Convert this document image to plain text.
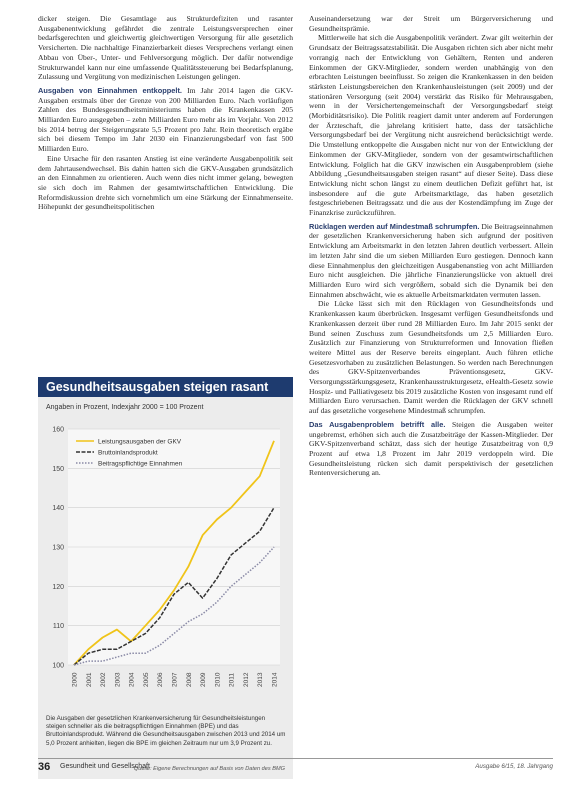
dicker steigen. Die Gesamtlage aus Strukturdefiziten und rasanter Ausgabenentwicklung gefährdet die zentrale Leistungsversprechen einer bedarfsgerechten und gleichwertig gleichwertigen Versorgung für alle gesetzlich Versicherten. Die nachhaltige Finanzierbarkeit dieses Versprechens verlangt einen Abbau von Über-, Unter- und Fehlversorgung möglich. Der dafür notwendige Strukturwandel kann nur eine umfassende Qualitätssteuerung bei Bedarfsplanung, Zulassung und Vergütung von medizinischen Leistungen gelingen.

Ausgaben von Einnahmen entkoppelt. Im Jahr 2014 lagen die GKV-Ausgaben erstmals über der Grenze von 200 Milliarden Euro. Nach vorläufigen Zahlen des Bundesgesundheitsministeriums haben die Krankenkassen 205 Milliarden Euro ausgegeben – zehn Milliarden Euro mehr als im Vorjahr. Von 2012 bis 2014 betrug der Steigerungsrate 5,5 Prozent pro Jahr. Rein theoretisch ergäbe sich bei diesem Tempo im Jahr 2030 ein Finanzierungsbedarf von fast 500 Milliarden Euro.

Eine Ursache für den rasanten Anstieg ist eine veränderte Ausgabenpolitik seit dem Jahrtausendwechsel. Bis dahin hatten sich die GKV-Ausgaben grundsätzlich an den Einnahmen zu orientieren. Auch wenn dies nicht immer gelang, bewegten sie sich doch im Rahmen der gesamtwirtschaftlichen Entwicklung. Die Reformdiskussion drehte sich vornehmlich um eine Stärkung der Einnahmenseite. Höhepunkt der gesundheitspolitischen

Gesundheitsausgaben steigen rasant
Angaben in Prozent, Indexjahr 2000 = 100 Prozent
100
110
120
130
140
150
160
2000 2001 2002 2003 2004 2005 2006 2007 2008 2009 2010 2011 2012 2013 2014
Leistungsausgaben der GKV
Bruttoinlandsprodukt
Beitragspflichtige Einnahmen
Die Ausgaben der gesetzlichen Krankenversicherung für Gesundheitsleistungen steigen schneller als die beitragspflichtigen Einnahmen (BPE) und das Bruttoinlandsprodukt. Während die Gesundheitsausgaben zwischen 2013 und 2014 um 5,0 Prozent anhielten, liegen die BPE im gleichen Zeitraum nur um 3,9 Prozent zu.
Quelle: Eigene Berechnungen auf Basis von Daten des BMG

Auseinandersetzung war der Streit um Bürgerversicherung und Gesundheitsprämie.

Mittlerweile hat sich die Ausgabenpolitik verändert. Zwar gilt weiterhin der Grundsatz der Beitragssatzstabilität. Die Ausgaben richten sich aber nicht mehr vorrangig nach der Entwicklung von Gehältern, Renten und anderen Einkommen der GKV-Mitglieder, sondern werden unabhängig von den erbrachten Leistungen beeinflusst. So zeigen die Krankenkassen in den beiden stärksten Leistungsbereichen den Krankenhausleistungen (seit 2009) und der stationären Versorgung (seit 2004) verstärkt das Risiko für Mehrausgaben, wenn in der Versichertengemeinschaft der Versorgungsbedarf steigt (Morbiditätsrisiko). Die Politik reagiert damit unter anderem auf Forderungen der Ärzteschaft, die jahrelang kritisiert hatte, dass der tatsächliche Versorgungsbedarf bei der Vergütung nicht ausreichend berücksichtigt werde. Die Umstellung entkoppelte die Ausgaben nicht nur von der Entwicklung der Einkommen der GKV-Mitglieder, sondern von der gesamtwirtschaftlichen Entwicklung. Folglich hat die GKV inzwischen ein Ausgabenproblem (siehe Abbildung „Gesundheitsausgaben steigen rasant“ auf dieser Seite). Dass diese Entwicklung nicht schon längst zu einem deutlichen Defizit geführt hat, ist insbesondere auf die gute Arbeitsmarktlage, das haben gesetzlich festgeschriebenen Beitragssatz und die aus der Kostendämpfung im Zuge der Finanzkrise zurückzuführen.

Rücklagen werden auf Mindestmaß schrumpfen. Die Beitragseinnahmen der gesetzlichen Krankenversicherung haben sich aufgrund der positiven Entwicklung am Arbeitsmarkt in den letzten Jahren deutlich verbessert. Allein im letzten Jahr sind die um sieben Milliarden Euro gestiegen. Dennoch kann diese Einnahmenplus den gleichzeitigen Ausgabenanstieg von acht Milliarden Euro nicht ausgleichen. Die jährliche Finanzierungslücke von aktuell drei Milliarden Euro wird sich vergrößern, sobald sich die Dynamik bei den Einnahmen abschwächt, wie es aktuelle Arbeitsmarktdaten vermuten lassen.

Die Lücke lässt sich mit den Rücklagen von Gesundheitsfonds und Krankenkassen kaum überbrücken. Insgesamt verfügen Gesundheitsfonds und Krankenkassen derzeit über rund 28 Milliarden Euro. Im Jahr 2015 senkt der Bund seinen Zuschuss zum Gesundheitsfonds um 2,5 Milliarden Euro. Zusätzlich zur Finanzierung von Strukturreformen und Innovation fließen weitere Mittel aus der Reserve bereits eingeplant. Auch führen etliche Gesetzesvorhaben zu zusätzlichen Belastungen. So werden nach Berechnungen des GKV-Spitzenverbandes Präventionsgesetz, GKV-Versorgungsstärkungsgesetz, Krankenhausstrukturgesetz, eHealth-Gesetz sowie Hospiz- und Palliativgesetz bis 2019 zusätzliche Kosten von insgesamt rund elf Milliarden Euro verursachen. Damit werden die Rücklagen der GKV schnell auf das gesetzliche vorgesehene Mindestmaß schrumpfen.

Das Ausgabenproblem betrifft alle. Steigen die Ausgaben weiter ungebremst, erhöhen sich auch die Zusatzbeiträge der Kassen-Mitglieder. Der GKV-Spitzenverband schätzt, dass sich der heutige Zusatzbeitrag von 0,9 Prozent auf etwa 1,8 Prozent im Jahr 2019 verdoppeln wird. Die Gesundheitsleistung rücken sich damit perspektivisch der gesetzlichen Rentenversicherung an.

36 Gesundheit und Gesellschaft	Ausgabe 6/15, 18. Jahrgang
